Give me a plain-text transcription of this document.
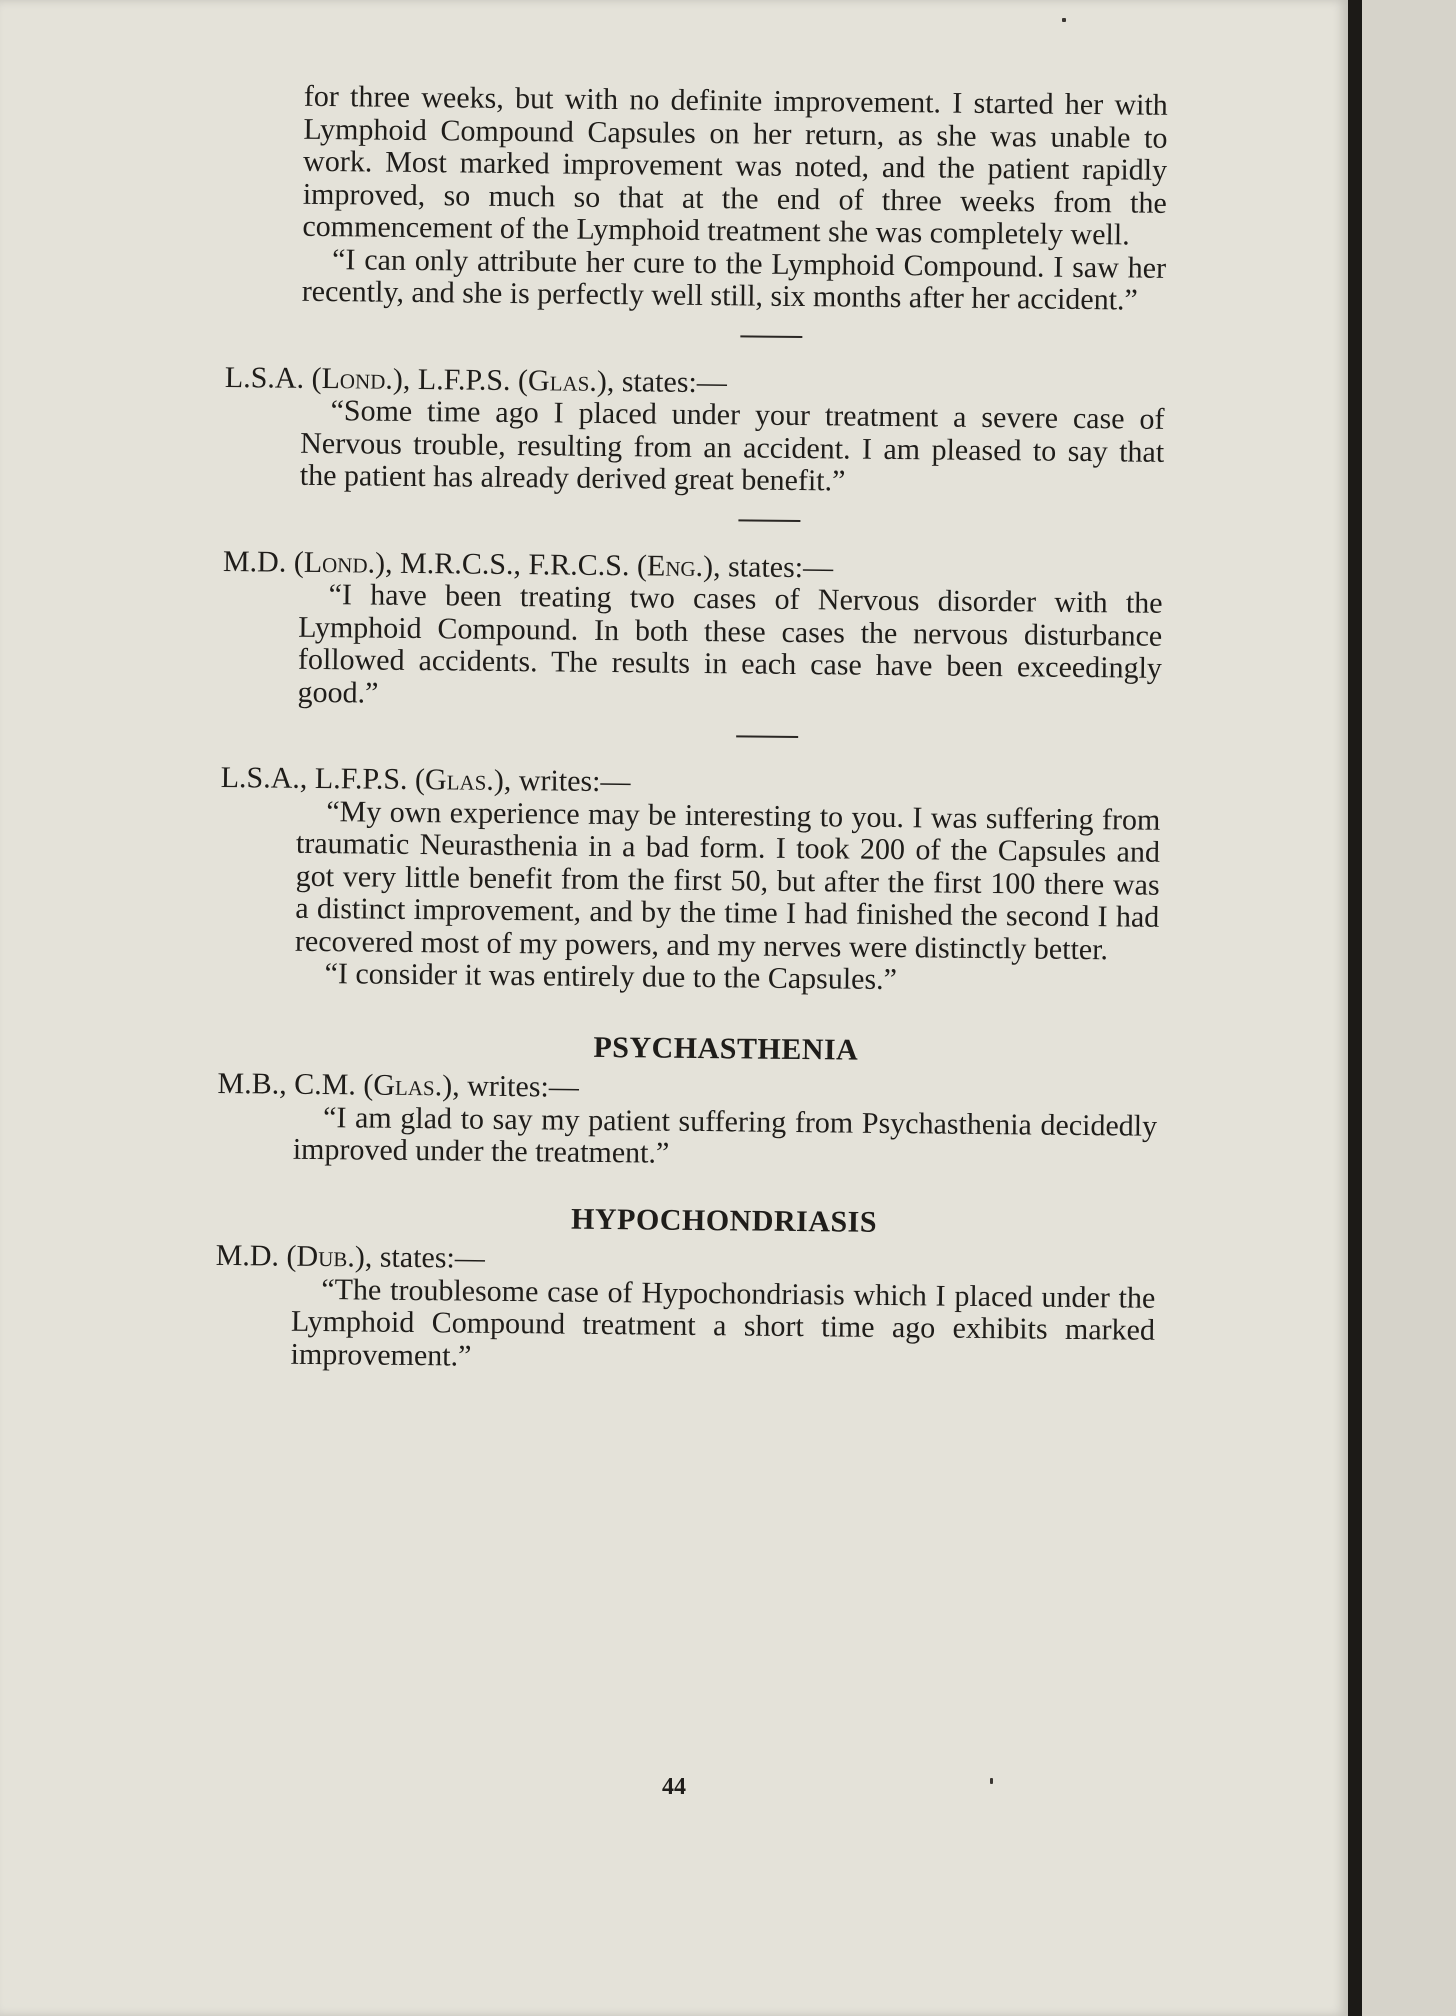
for three weeks, but with no definite improvement. I started her with Lymphoid Compound Capsules on her return, as she was unable to work. Most marked improvement was noted, and the patient rapidly improved, so much so that at the end of three weeks from the commencement of the Lymphoid treatment she was completely well.

“I can only attribute her cure to the Lymphoid Compound. I saw her recently, and she is perfectly well still, six months after her accident.”

L.S.A. (Lond.), L.F.P.S. (Glas.), states:—

“Some time ago I placed under your treatment a severe case of Nervous trouble, resulting from an accident. I am pleased to say that the patient has already derived great benefit.”

M.D. (Lond.), M.R.C.S., F.R.C.S. (Eng.), states:—

“I have been treating two cases of Nervous disorder with the Lymphoid Compound. In both these cases the nervous disturbance followed accidents. The results in each case have been exceedingly good.”

L.S.A., L.F.P.S. (Glas.), writes:—

“My own experience may be interesting to you. I was suffering from traumatic Neurasthenia in a bad form. I took 200 of the Capsules and got very little benefit from the first 50, but after the first 100 there was a distinct improvement, and by the time I had finished the second I had recovered most of my powers, and my nerves were distinctly better.

“I consider it was entirely due to the Capsules.”

PSYCHASTHENIA

M.B., C.M. (Glas.), writes:—

“I am glad to say my patient suffering from Psychasthenia decidedly improved under the treatment.”

HYPOCHONDRIASIS

M.D. (Dub.), states:—

“The troublesome case of Hypochondriasis which I placed under the Lymphoid Compound treatment a short time ago exhibits marked improvement.”

44
